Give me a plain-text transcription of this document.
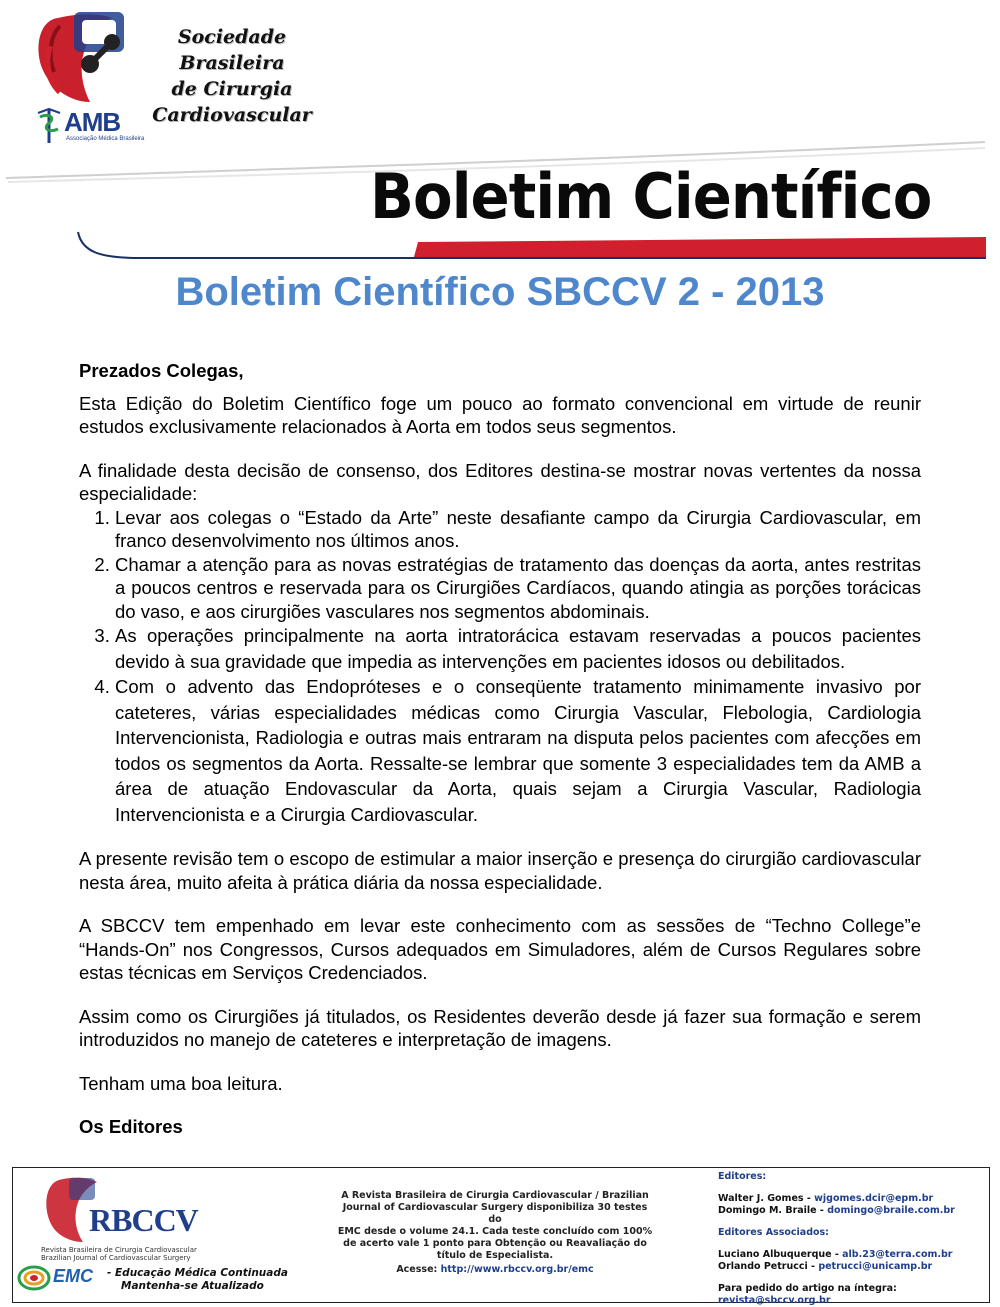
Sociedade Brasileira
de Cirurgia
Cardiovascular
AMB
Associação Médica Brasileira
Boletim Científico
Boletim Científico SBCCV 2 - 2013

Prezados Colegas,

Esta Edição do Boletim Científico foge um pouco ao formato convencional em virtude de reunir estudos exclusivamente relacionados à Aorta em todos seus segmentos.

A finalidade desta decisão de consenso, dos Editores destina-se mostrar novas vertentes da nossa especialidade:

1. Levar aos colegas o “Estado da Arte” neste desafiante campo da Cirurgia Cardiovascular, em franco desenvolvimento nos últimos anos.
2. Chamar a atenção para as novas estratégias de tratamento das doenças da aorta, antes restritas a poucos centros e reservada para os Cirurgiões Cardíacos, quando atingia as porções torácicas do vaso, e aos cirurgiões vasculares nos segmentos abdominais.
3. As operações principalmente na aorta intratorácica estavam reservadas a poucos pacientes devido à sua gravidade que impedia as intervenções em pacientes idosos ou debilitados.
4. Com o advento das Endopróteses e o conseqüente tratamento minimamente invasivo por cateteres, várias especialidades médicas como Cirurgia Vascular, Flebologia, Cardiologia Intervencionista, Radiologia e outras mais entraram na disputa pelos pacientes com afecções em todos os segmentos da Aorta. Ressalte-se lembrar que somente 3 especialidades tem da AMB a área de atuação Endovascular da Aorta, quais sejam a Cirurgia Vascular, Radiologia Intervencionista e a Cirurgia Cardiovascular.

A presente revisão tem o escopo de estimular a maior inserção e presença do cirurgião cardiovascular nesta área, muito afeita à prática diária da nossa especialidade.

A SBCCV tem empenhado em levar este conhecimento com as sessões de “Techno College”e “Hands-On” nos Congressos, Cursos adequados em Simuladores, além de Cursos Regulares sobre estas técnicas em Serviços Credenciados.

Assim como os Cirurgiões já titulados, os Residentes deverão desde já fazer sua formação e serem introduzidos no manejo de cateteres e interpretação de imagens.

Tenham uma boa leitura.

Os Editores

RBCCV
Revista Brasileira de Cirurgia Cardiovascular
Brazilian Journal of Cardiovascular Surgery
EMC - Educação Médica Continuada
Mantenha-se Atualizado
A Revista Brasileira de Cirurgia Cardiovascular / Brazilian
Journal of Cardiovascular Surgery disponibiliza 30 testes do
EMC desde o volume 24.1. Cada teste concluído com 100%
de acerto vale 1 ponto para Obtenção ou Reavaliação do
título de Especialista.
Acesse: http://www.rbccv.org.br/emc
Editores:
Walter J. Gomes - wjgomes.dcir@epm.br
Domingo M. Braile - domingo@braile.com.br
Editores Associados:
Luciano Albuquerque - alb.23@terra.com.br
Orlando Petrucci - petrucci@unicamp.br
Para pedido do artigo na íntegra:
revista@sbccv.org.br
